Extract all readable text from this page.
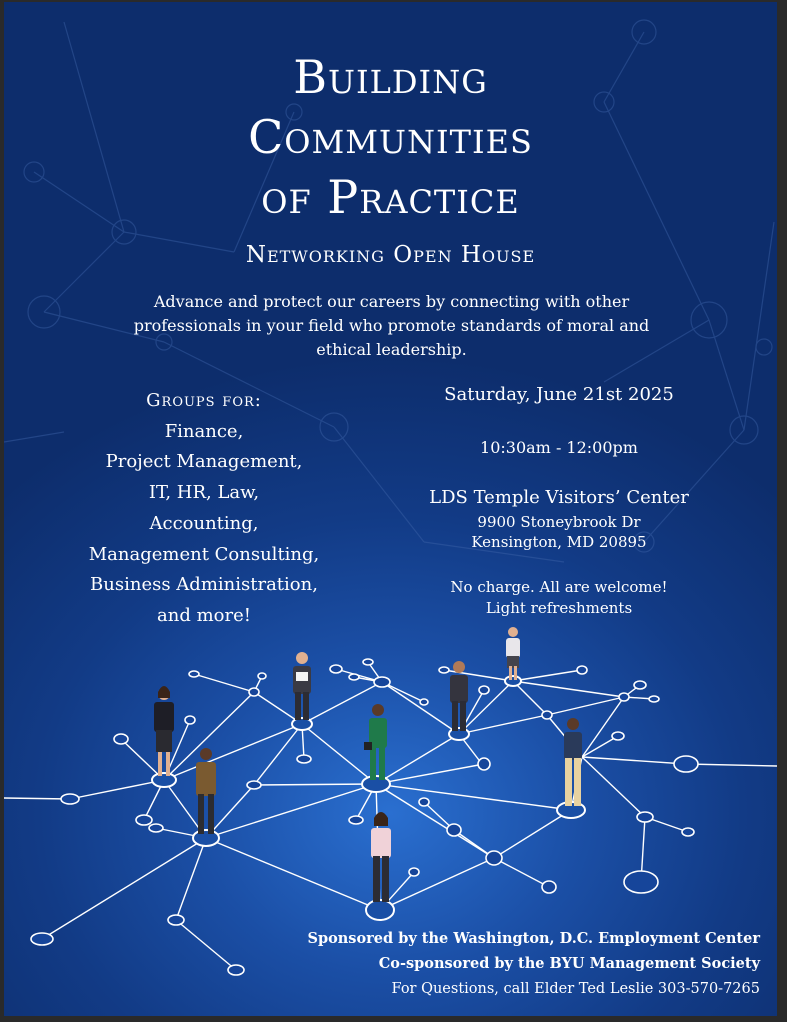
Building
Communities
of Practice
Networking Open House
Advance and protect our careers by connecting with other professionals in your field who promote standards of moral and ethical leadership.
Groups for:
Finance,
Project Management,
IT, HR, Law,
Accounting,
Management Consulting,
Business Administration,
and more!
Saturday, June 21st 2025
10:30am - 12:00pm
LDS Temple Visitors’ Center
9900 Stoneybrook Dr
Kensington, MD 20895
No charge. All are welcome!
Light refreshments
Sponsored by the Washington, D.C. Employment Center
Co-sponsored by the BYU Management Society
For Questions, call Elder Ted Leslie 303-570-7265
